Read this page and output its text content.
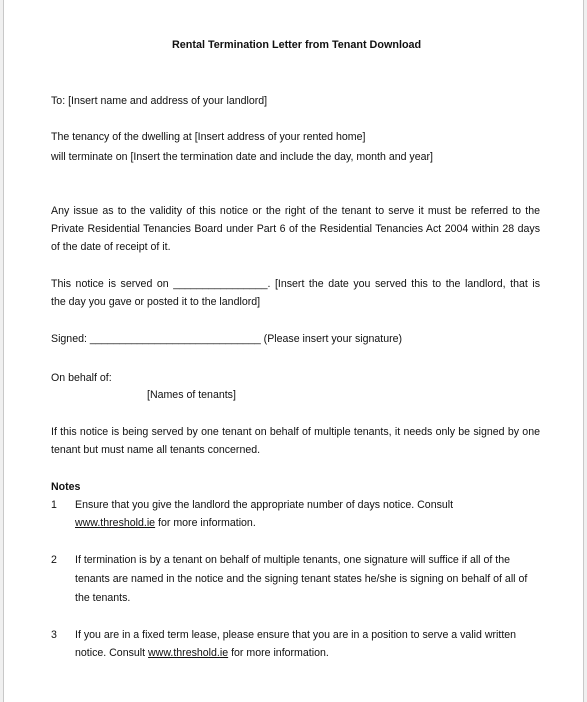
Rental Termination Letter from Tenant Download
To: [Insert name and address of your landlord]
The tenancy of the dwelling at [Insert address of your rented home]
will terminate on [Insert the termination date and include the day, month and year]
Any issue as to the validity of this notice or the right of the tenant to serve it must be referred to the
Private Residential Tenancies Board under Part 6 of the Residential Tenancies Act 2004 within 28 days
of the date of receipt of it.
This notice is served on ________________. [Insert the date you served this to the landlord, that is
the day you gave or posted it to the landlord]
Signed: _____________________________ (Please insert your signature)
On behalf of:
[Names of tenants]
If this notice is being served by one tenant on behalf of multiple tenants, it needs only be signed by one
tenant but must name all tenants concerned.
Notes
1 Ensure that you give the landlord the appropriate number of days notice. Consult
www.threshold.ie for more information.
2 If termination is by a tenant on behalf of multiple tenants, one signature will suffice if all of the
tenants are named in the notice and the signing tenant states he/she is signing on behalf of all of
the tenants.
3 If you are in a fixed term lease, please ensure that you are in a position to serve a valid written
notice. Consult www.threshold.ie for more information.
